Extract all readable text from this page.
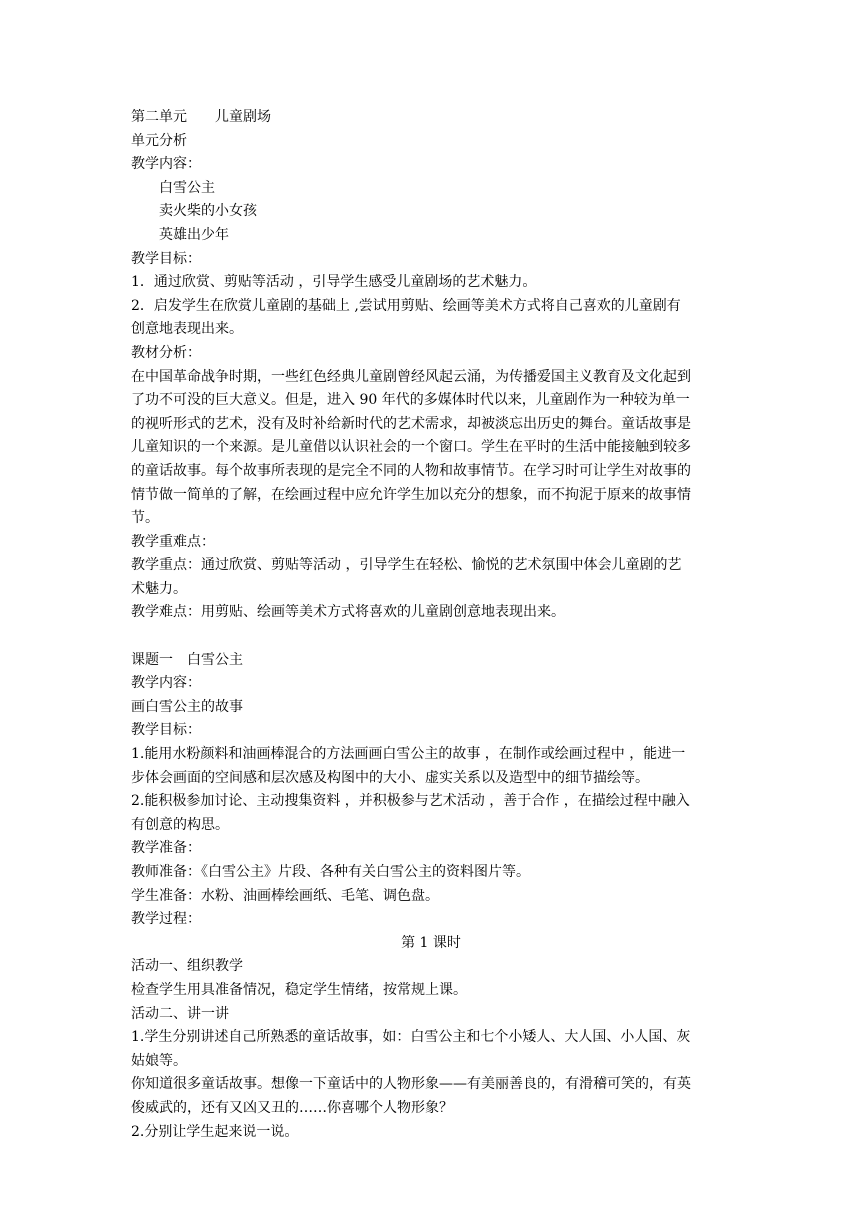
第二单元　　儿童剧场
单元分析
教学内容：
白雪公主
卖火柴的小女孩
英雄出少年
教学目标：
1．通过欣赏、剪贴等活动 ，引导学生感受儿童剧场的艺术魅力。
2．启发学生在欣赏儿童剧的基础上 ,尝试用剪贴、绘画等美术方式将自己喜欢的儿童剧有
创意地表现出来。
教材分析：
在中国革命战争时期，一些红色经典儿童剧曾经风起云涌，为传播爱国主义教育及文化起到
了功不可没的巨大意义。但是，进入 90 年代的多媒体时代以来，儿童剧作为一种较为单一
的视听形式的艺术，没有及时补给新时代的艺术需求，却被淡忘出历史的舞台。童话故事是
儿童知识的一个来源。是儿童借以认识社会的一个窗口。学生在平时的生活中能接触到较多
的童话故事。每个故事所表现的是完全不同的人物和故事情节。在学习时可让学生对故事的
情节做一简单的了解，在绘画过程中应允许学生加以充分的想象，而不拘泥于原来的故事情
节。
教学重难点：
教学重点：通过欣赏、剪贴等活动 ，引导学生在轻松、愉悦的艺术氛围中体会儿童剧的艺
术魅力。
教学难点：用剪贴、绘画等美术方式将喜欢的儿童剧创意地表现出来。
课题一　白雪公主
教学内容：
画白雪公主的故事
教学目标：
1.能用水粉颜料和油画棒混合的方法画画白雪公主的故事 ，在制作或绘画过程中 ，能进一
步体会画面的空间感和层次感及构图中的大小、虚实关系以及造型中的细节描绘等。
2.能积极参加讨论、主动搜集资料 ，并积极参与艺术活动 ，善于合作 ，在描绘过程中融入
有创意的构思。
教学准备：
教师准备：《白雪公主》片段、各种有关白雪公主的资料图片等。
学生准备：水粉、油画棒绘画纸、毛笔、调色盘。
教学过程：
第 1 课时
活动一、组织教学
检查学生用具准备情况，稳定学生情绪，按常规上课。
活动二、讲一讲
1.学生分别讲述自己所熟悉的童话故事，如：白雪公主和七个小矮人、大人国、小人国、灰
姑娘等。
你知道很多童话故事。想像一下童话中的人物形象——有美丽善良的，有滑稽可笑的，有英
俊威武的，还有又凶又丑的……你喜哪个人物形象？
2.分别让学生起来说一说。
